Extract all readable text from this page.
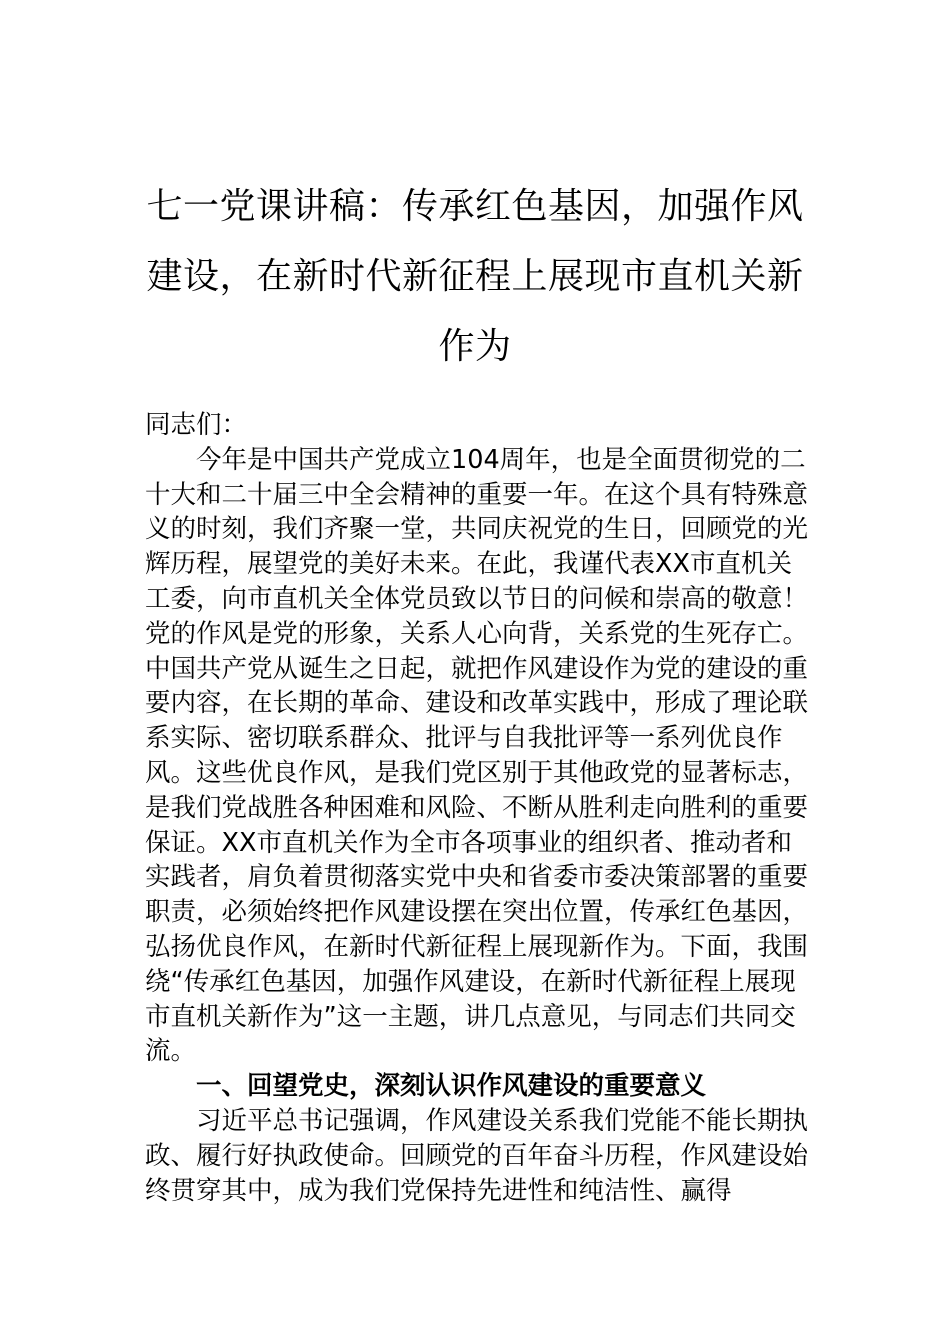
七一党课讲稿：传承红色基因，加强作风
建设，在新时代新征程上展现市直机关新
作为

同志们：

今年是中国共产党成立104周年，也是全面贯彻党的二十大和二十届三中全会精神的重要一年。在这个具有特殊意义的时刻，我们齐聚一堂，共同庆祝党的生日，回顾党的光辉历程，展望党的美好未来。在此，我谨代表XX市直机关工委，向市直机关全体党员致以节日的问候和崇高的敬意！党的作风是党的形象，关系人心向背，关系党的生死存亡。中国共产党从诞生之日起，就把作风建设作为党的建设的重要内容，在长期的革命、建设和改革实践中，形成了理论联系实际、密切联系群众、批评与自我批评等一系列优良作风。这些优良作风，是我们党区别于其他政党的显著标志，是我们党战胜各种困难和风险、不断从胜利走向胜利的重要保证。XX市直机关作为全市各项事业的组织者、推动者和实践者，肩负着贯彻落实党中央和省委市委决策部署的重要职责，必须始终把作风建设摆在突出位置，传承红色基因，弘扬优良作风，在新时代新征程上展现新作为。下面，我围绕“传承红色基因，加强作风建设，在新时代新征程上展现市直机关新作为”这一主题，讲几点意见，与同志们共同交流。

一、回望党史，深刻认识作风建设的重要意义

习近平总书记强调，作风建设关系我们党能不能长期执政、履行好执政使命。回顾党的百年奋斗历程，作风建设始终贯穿其中，成为我们党保持先进性和纯洁性、赢得
